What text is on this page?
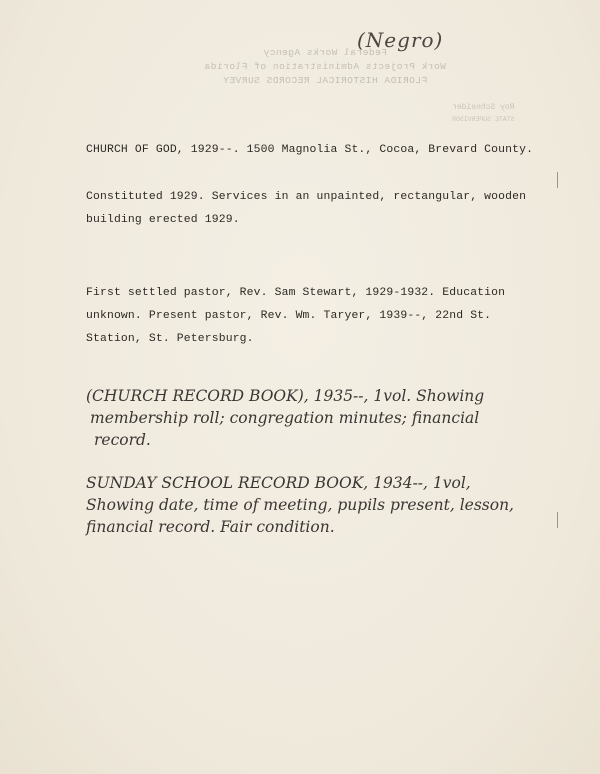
(Negro)
Federal Works Agency
Work Projects Administration of Florida
FLORIDA HISTORICAL RECORDS SURVEY
Roy Schneider
STATE SUPERVISOR
CHURCH OF GOD, 1929--. 1500 Magnolia St., Cocoa, Brevard County.
Constituted 1929. Services in an unpainted, rectangular, wooden
building erected 1929.
First settled pastor, Rev. Sam Stewart, 1929-1932. Education
unknown. Present pastor, Rev. Wm. Taryer, 1939--, 22nd St.
Station, St. Petersburg.
(CHURCH RECORD BOOK), 1935--, 1vol. Showing
membership roll; congregation minutes; financial
record.
SUNDAY SCHOOL RECORD BOOK, 1934--, 1vol,
Showing date, time of meeting, pupils present, lesson,
financial record. Fair condition.
